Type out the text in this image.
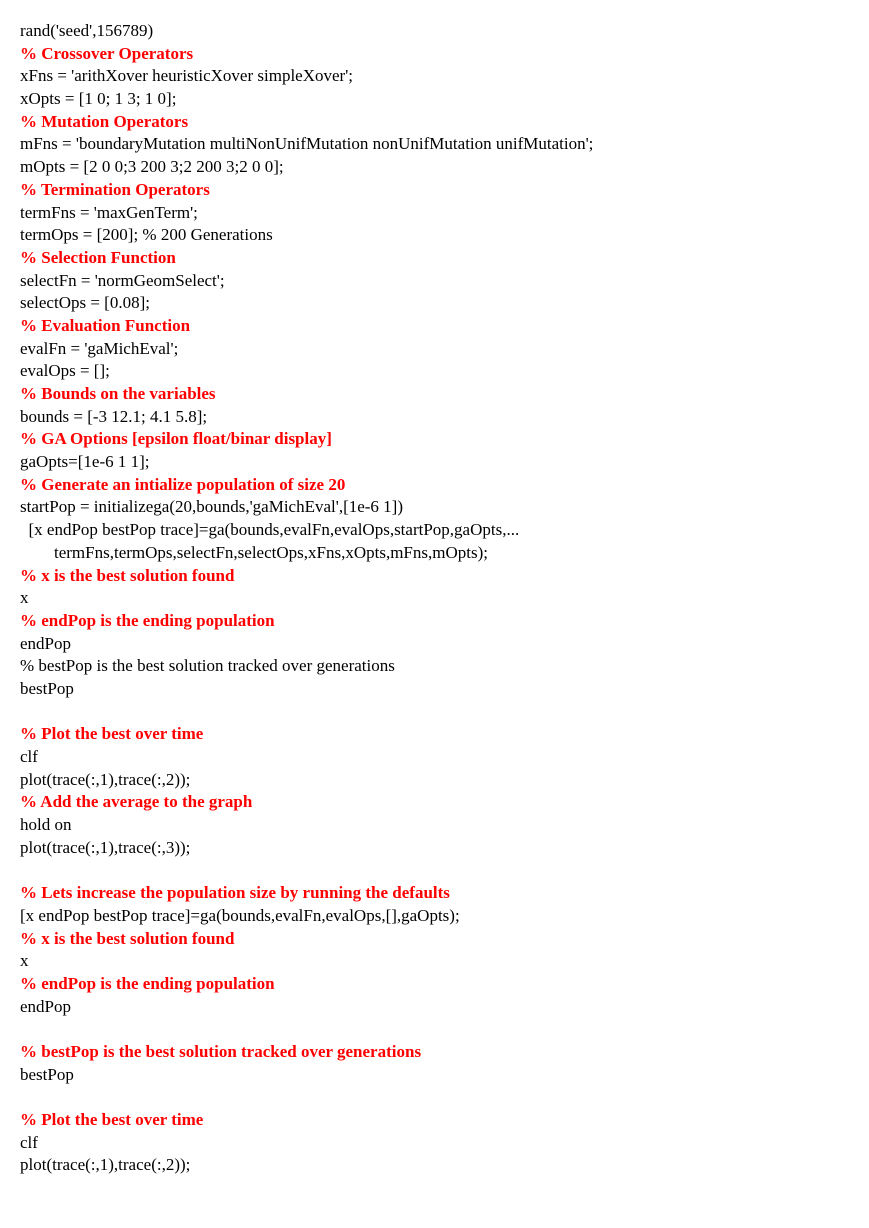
rand('seed',156789)
% Crossover Operators
xFns = 'arithXover heuristicXover simpleXover';
xOpts = [1 0; 1 3; 1 0];
% Mutation Operators
mFns = 'boundaryMutation multiNonUnifMutation nonUnifMutation unifMutation';
mOpts = [2 0 0;3 200 3;2 200 3;2 0 0];
% Termination Operators
termFns = 'maxGenTerm';
termOps = [200]; % 200 Generations
% Selection Function
selectFn = 'normGeomSelect';
selectOps = [0.08];
% Evaluation Function
evalFn = 'gaMichEval';
evalOps = [];
% Bounds on the variables
bounds = [-3 12.1; 4.1 5.8];
% GA Options [epsilon float/binar display]
gaOpts=[1e-6 1 1];
% Generate an intialize population of size 20
startPop = initializega(20,bounds,'gaMichEval',[1e-6 1])
[x endPop bestPop trace]=ga(bounds,evalFn,evalOps,startPop,gaOpts,...
termFns,termOps,selectFn,selectOps,xFns,xOpts,mFns,mOpts);
% x is the best solution found
x
% endPop is the ending population
endPop
% bestPop is the best solution tracked over generations
bestPop
% Plot the best over time
clf
plot(trace(:,1),trace(:,2));
% Add the average to the graph
hold on
plot(trace(:,1),trace(:,3));
% Lets increase the population size by running the defaults
[x endPop bestPop trace]=ga(bounds,evalFn,evalOps,[],gaOpts);
% x is the best solution found
x
% endPop is the ending population
endPop
% bestPop is the best solution tracked over generations
bestPop
% Plot the best over time
clf
plot(trace(:,1),trace(:,2));
